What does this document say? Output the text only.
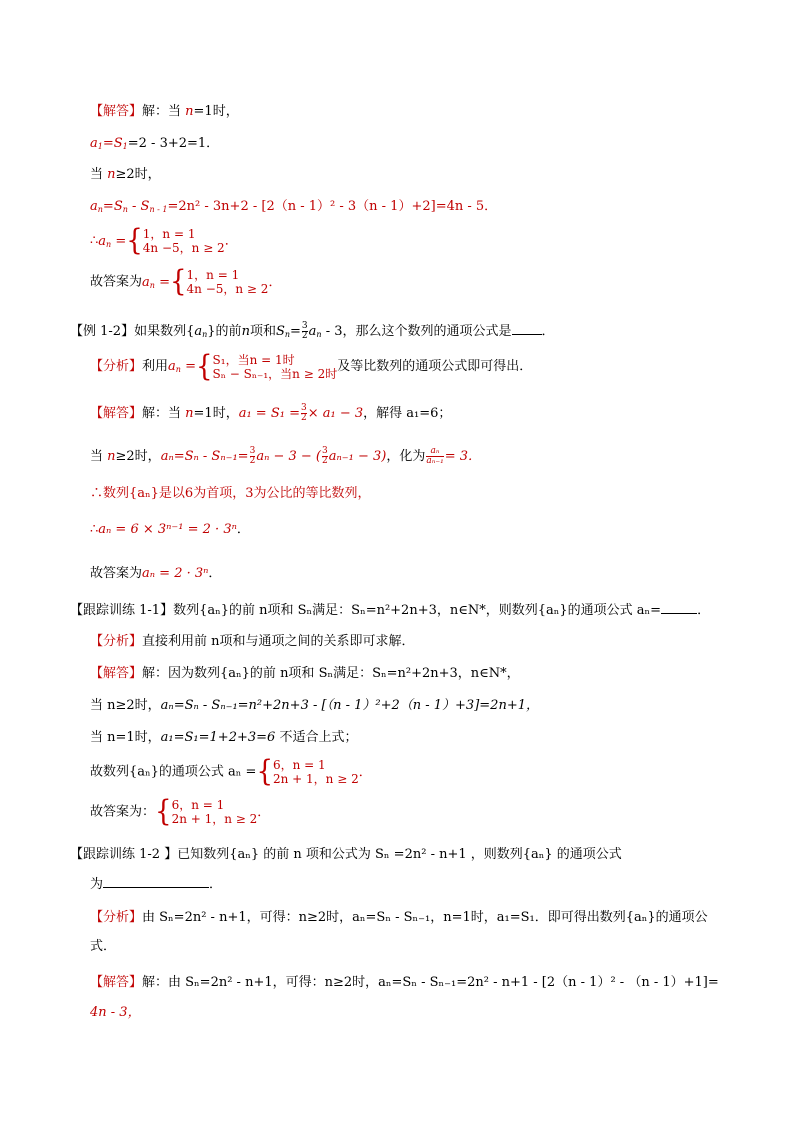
【解答】解：当 n=1时，
$a_1=S_1=2 - 3+2=1$．
当 n≥2时，
$a_n=S_n - S_{n - 1}=2n^2 - 3n+2 - [2(n - 1)^2 - 3(n - 1)+2]=4n - 5$．
$\therefore a_n$ ={ 1，n = 1
4n −5，n ≥ 2 ．
故答案为$a_n$ ={ 1，n = 1
4n −5，n ≥ 2 ．
【例 1-2】如果数列$\{a_n\}$的前n项和$S_n= \frac{3}{2} a_n - 3$，那么这个数列的通项公式是 ．
【分析】利用$a_n$ ={ S₁，当n = 1时
Sₙ − Sₙ₋₁，当n ≥ 2时 及等比数列的通项公式即可得出．
【解答】解：当 n=1时，$a_1 = S_1 = \frac{3}{2} \times a_1 - 3$，解得 a₁=6；
当 n≥2时，$a_n=S_n - S_{n-1}= \frac{3}{2}$ aₙ − 3 − ( $\frac{3}{2} a_{n-1} - 3$)，化为 $\frac{\text{aₙ}}{\text{aₙ₋₁}} = 3$．
∴数列{aₙ}是以6为首项，3为公比的等比数列，
∴aₙ = 6 × 3ⁿ⁻¹ = 2 · 3ⁿ．
故答案为aₙ = 2 · 3ⁿ．
【跟踪训练 1-1】数列{aₙ}的前 n项和 Sₙ满足：Sₙ=n²+2n+3，n∈N*，则数列{aₙ}的通项公式 aₙ=	．
【分析】直接利用前 n项和与通项之间的关系即可求解．
【解答】解：因为数列{aₙ}的前 n项和 Sₙ满足：Sₙ=n²+2n+3，n∈N*，
当 n≥2时，aₙ=Sₙ - Sₙ₋₁=n²+2n+3 - [（n - 1）²+2（n - 1）+3]=2n+1，
当 n=1时，a₁=S₁=1+2+3=6 不适合上式；
故数列{aₙ}的通项公式 aₙ ={ 6，n = 1
2n + 1，n ≥ 2 ．
故答案为：{ 6，n = 1
2n + 1，n ≥ 2 ．
【跟踪训练 1-2 】已知数列{aₙ} 的前 n 项和公式为 Sₙ =2n² - n+1 ，则数列{aₙ} 的通项公式
为	．
【分析】由 Sₙ=2n² - n+1，可得：n≥2时，aₙ=Sₙ - Sₙ₋₁，n=1时，a₁=S₁．即可得出数列{aₙ}的通项公
式．
【解答】解：由 Sₙ=2n² - n+1，可得：n≥2时，aₙ=Sₙ - Sₙ₋₁=2n² - n+1 - [2（n - 1）² - （n - 1）+1]=
4n - 3，
